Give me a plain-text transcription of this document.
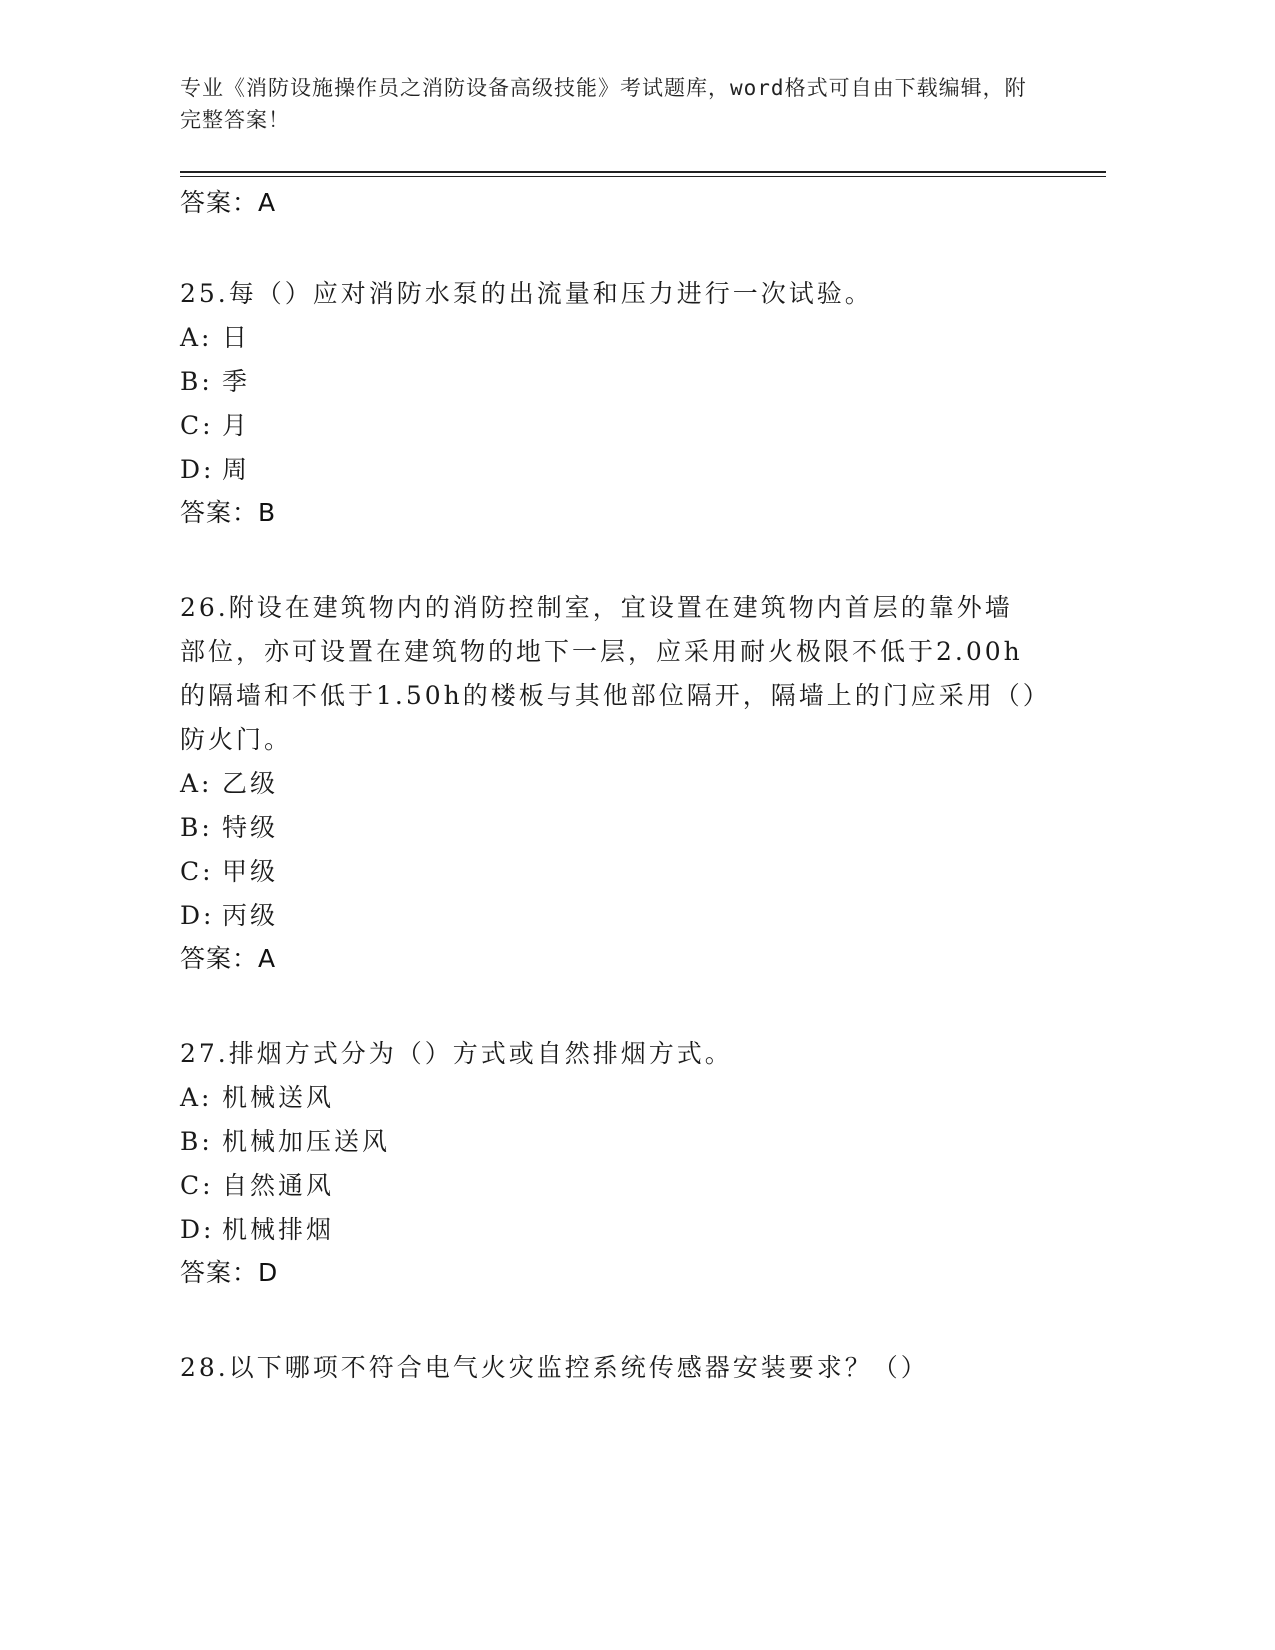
专业《消防设施操作员之消防设备高级技能》考试题库，word格式可自由下载编辑，附完整答案！

答案：A

25.每（）应对消防水泵的出流量和压力进行一次试验。

A: 日

B: 季

C: 月

D: 周

答案：B

26.附设在建筑物内的消防控制室，宜设置在建筑物内首层的靠外墙部位，亦可设置在建筑物的地下一层，应采用耐火极限不低于2.00h的隔墙和不低于1.50h的楼板与其他部位隔开，隔墙上的门应采用（）防火门。

A: 乙级

B: 特级

C: 甲级

D: 丙级

答案：A

27.排烟方式分为（）方式或自然排烟方式。

A: 机械送风

B: 机械加压送风

C: 自然通风

D: 机械排烟

答案：D

28.以下哪项不符合电气火灾监控系统传感器安装要求？（）
